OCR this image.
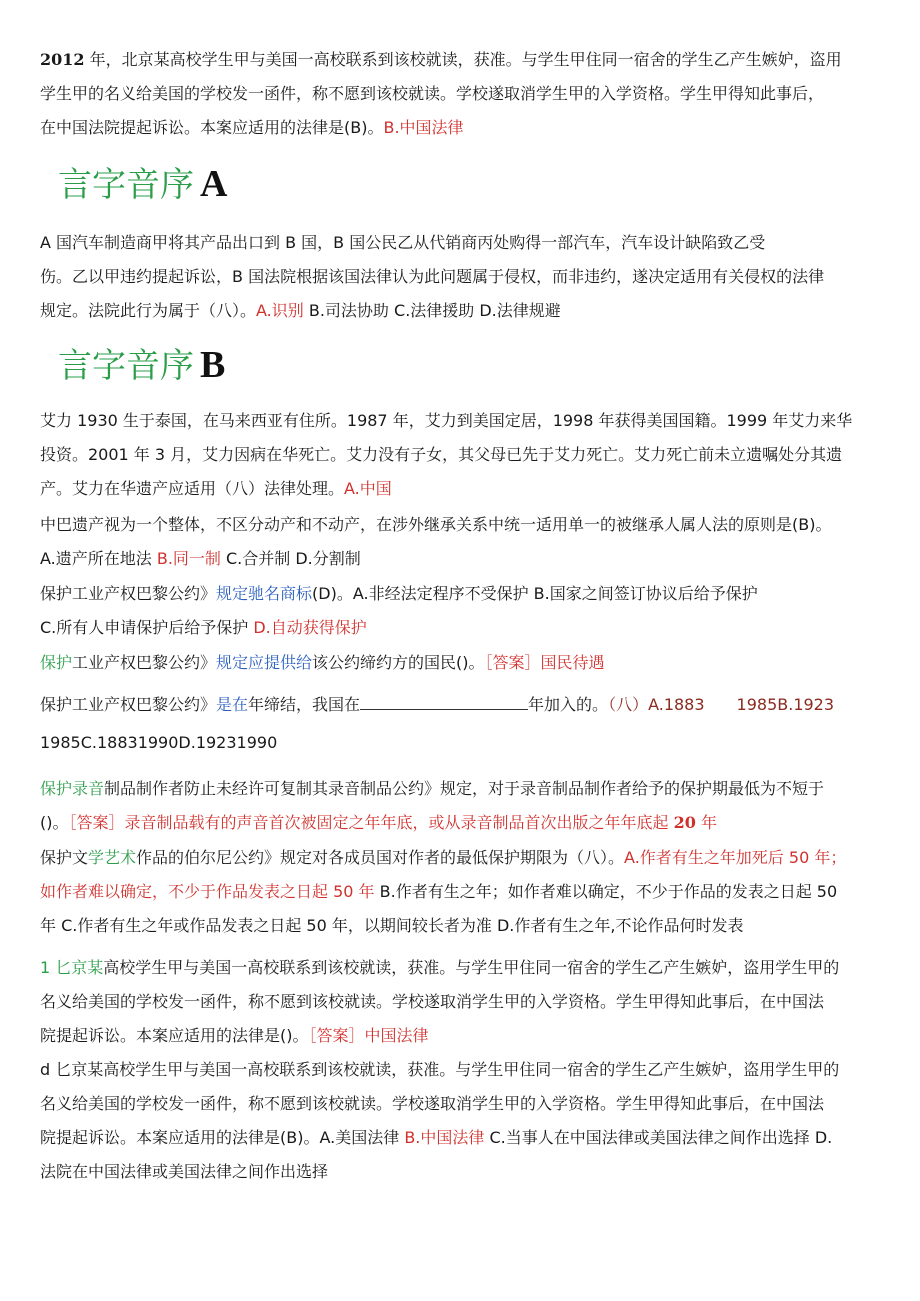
2012 年，北京某高校学生甲与美国一高校联系到该校就读，获准。与学生甲住同一宿舍的学生乙产生嫉妒，盗用
学生甲的名义给美国的学校发一函件，称不愿到该校就读。学校遂取消学生甲的入学资格。学生甲得知此事后，
在中国法院提起诉讼。本案应适用的法律是(B)。B.中国法律
言字音序 A
A 国汽车制造商甲将其产品出口到 B 国，B 国公民乙从代销商丙处购得一部汽车，汽车设计缺陷致乙受
伤。乙以甲违约提起诉讼，B 国法院根据该国法律认为此问题属于侵权，而非违约，遂决定适用有关侵权的法律
规定。法院此行为属于（八）。A.识别 B.司法协助 C.法律援助 D.法律规避
言字音序 B
艾力 1930 生于泰国，在马来西亚有住所。1987 年，艾力到美国定居，1998 年获得美国国籍。1999 年艾力来华
投资。2001 年 3 月，艾力因病在华死亡。艾力没有子女，其父母已先于艾力死亡。艾力死亡前未立遗嘱处分其遗
产。艾力在华遗产应适用（八）法律处理。A.中国
中巴遗产视为一个整体，不区分动产和不动产，在涉外继承关系中统一适用单一的被继承人属人法的原则是(B)。
A.遗产所在地法 B.同一制 C.合并制 D.分割制
保护工业产权巴黎公约》规定驰名商标(D)。A.非经法定程序不受保护 B.国家之间签订协议后给予保护
C.所有人申请保护后给予保护 D.自动获得保护
保护工业产权巴黎公约》规定应提供给该公约缔约方的国民()。［答案］国民待遇
保护工业产权巴黎公约》是在年缔结，我国在	年加入的。（八）A.1883　　1985B.1923
1985C.18831990D.19231990
保护录音制品制作者防止未经许可复制其录音制品公约》规定，对于录音制品制作者给予的保护期最低为不短于
()。［答案］录音制品载有的声音首次被固定之年年底，或从录音制品首次出版之年年底起 20 年
保护文学艺术作品的伯尔尼公约》规定对各成员国对作者的最低保护期限为（八）。A.作者有生之年加死后 50 年；
如作者难以确定，不少于作品发表之日起 50 年 B.作者有生之年；如作者难以确定，不少于作品的发表之日起 50
年 C.作者有生之年或作品发表之日起 50 年，以期间较长者为准 D.作者有生之年,不论作品何时发表
1 匕京某高校学生甲与美国一高校联系到该校就读，获准。与学生甲住同一宿舍的学生乙产生嫉妒，盗用学生甲的
名义给美国的学校发一函件，称不愿到该校就读。学校遂取消学生甲的入学资格。学生甲得知此事后，在中国法
院提起诉讼。本案应适用的法律是()。［答案］中国法律
d 匕京某高校学生甲与美国一高校联系到该校就读，获准。与学生甲住同一宿舍的学生乙产生嫉妒，盗用学生甲的
名义给美国的学校发一函件，称不愿到该校就读。学校遂取消学生甲的入学资格。学生甲得知此事后，在中国法
院提起诉讼。本案应适用的法律是(B)。A.美国法律 B.中国法律 C.当事人在中国法律或美国法律之间作出选择 D.
法院在中国法律或美国法律之间作出选择
